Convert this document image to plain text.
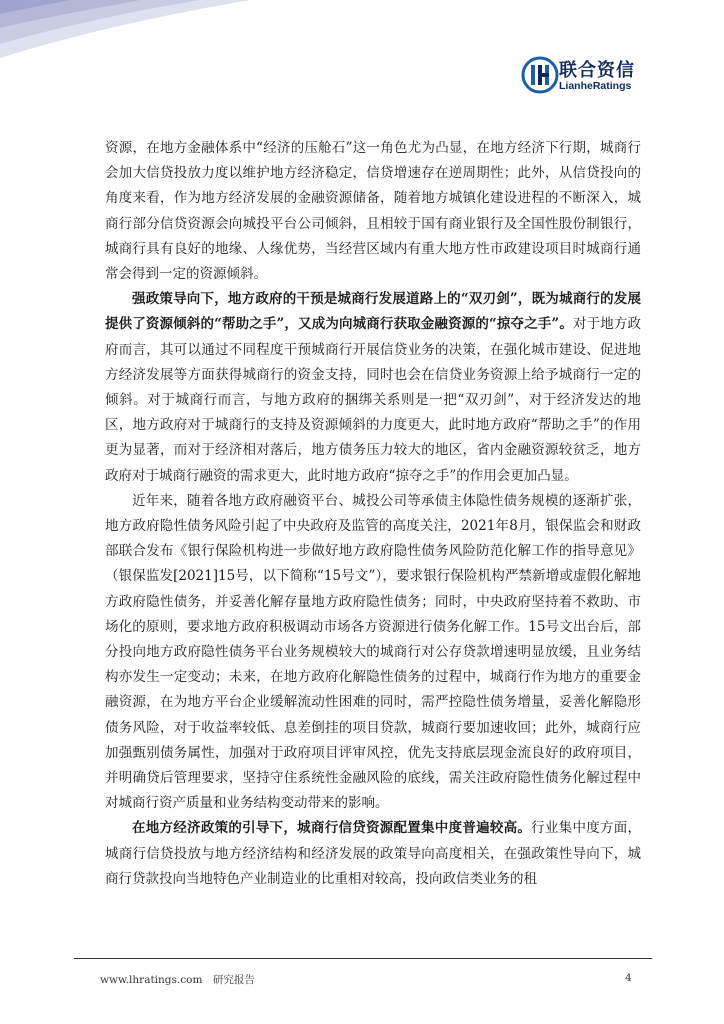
联合资信
LianheRatings

资源，在地方金融体系中“经济的压舱石”这一角色尤为凸显，在地方经济下行期，城商行会加大信贷投放力度以维护地方经济稳定，信贷增速存在逆周期性；此外，从信贷投向的角度来看，作为地方经济发展的金融资源储备，随着地方城镇化建设进程的不断深入，城商行部分信贷资源会向城投平台公司倾斜，且相较于国有商业银行及全国性股份制银行，城商行具有良好的地缘、人缘优势，当经营区域内有重大地方性市政建设项目时城商行通常会得到一定的资源倾斜。

强政策导向下，地方政府的干预是城商行发展道路上的“双刃剑”，既为城商行的发展提供了资源倾斜的“帮助之手”，又成为向城商行获取金融资源的“掠夺之手”。对于地方政府而言，其可以通过不同程度干预城商行开展信贷业务的决策，在强化城市建设、促进地方经济发展等方面获得城商行的资金支持，同时也会在信贷业务资源上给予城商行一定的倾斜。对于城商行而言，与地方政府的捆绑关系则是一把“双刃剑”，对于经济发达的地区，地方政府对于城商行的支持及资源倾斜的力度更大，此时地方政府“帮助之手”的作用更为显著，而对于经济相对落后，地方债务压力较大的地区，省内金融资源较贫乏，地方政府对于城商行融资的需求更大，此时地方政府“掠夺之手”的作用会更加凸显。

近年来，随着各地方政府融资平台、城投公司等承债主体隐性债务规模的逐渐扩张，地方政府隐性债务风险引起了中央政府及监管的高度关注，2021年8月，银保监会和财政部联合发布《银行保险机构进一步做好地方政府隐性债务风险防范化解工作的指导意见》（银保监发[2021]15号，以下简称“15号文”），要求银行保险机构严禁新增或虚假化解地方政府隐性债务，并妥善化解存量地方政府隐性债务；同时，中央政府坚持着不救助、市场化的原则，要求地方政府积极调动市场各方资源进行债务化解工作。15号文出台后，部分投向地方政府隐性债务平台业务规模较大的城商行对公存贷款增速明显放缓，且业务结构亦发生一定变动；未来，在地方政府化解隐性债务的过程中，城商行作为地方的重要金融资源，在为地方平台企业缓解流动性困难的同时，需严控隐性债务增量，妥善化解隐形债务风险，对于收益率较低、息差倒挂的项目贷款，城商行要加速收回；此外，城商行应加强甄别债务属性，加强对于政府项目评审风控，优先支持底层现金流良好的政府项目，并明确贷后管理要求，坚持守住系统性金融风险的底线，需关注政府隐性债务化解过程中对城商行资产质量和业务结构变动带来的影响。

在地方经济政策的引导下，城商行信贷资源配置集中度普遍较高。行业集中度方面，城商行信贷投放与地方经济结构和经济发展的政策导向高度相关，在强政策性导向下，城商行贷款投向当地特色产业制造业的比重相对较高，投向政信类业务的租

www.lhratings.com　研究报告	4
